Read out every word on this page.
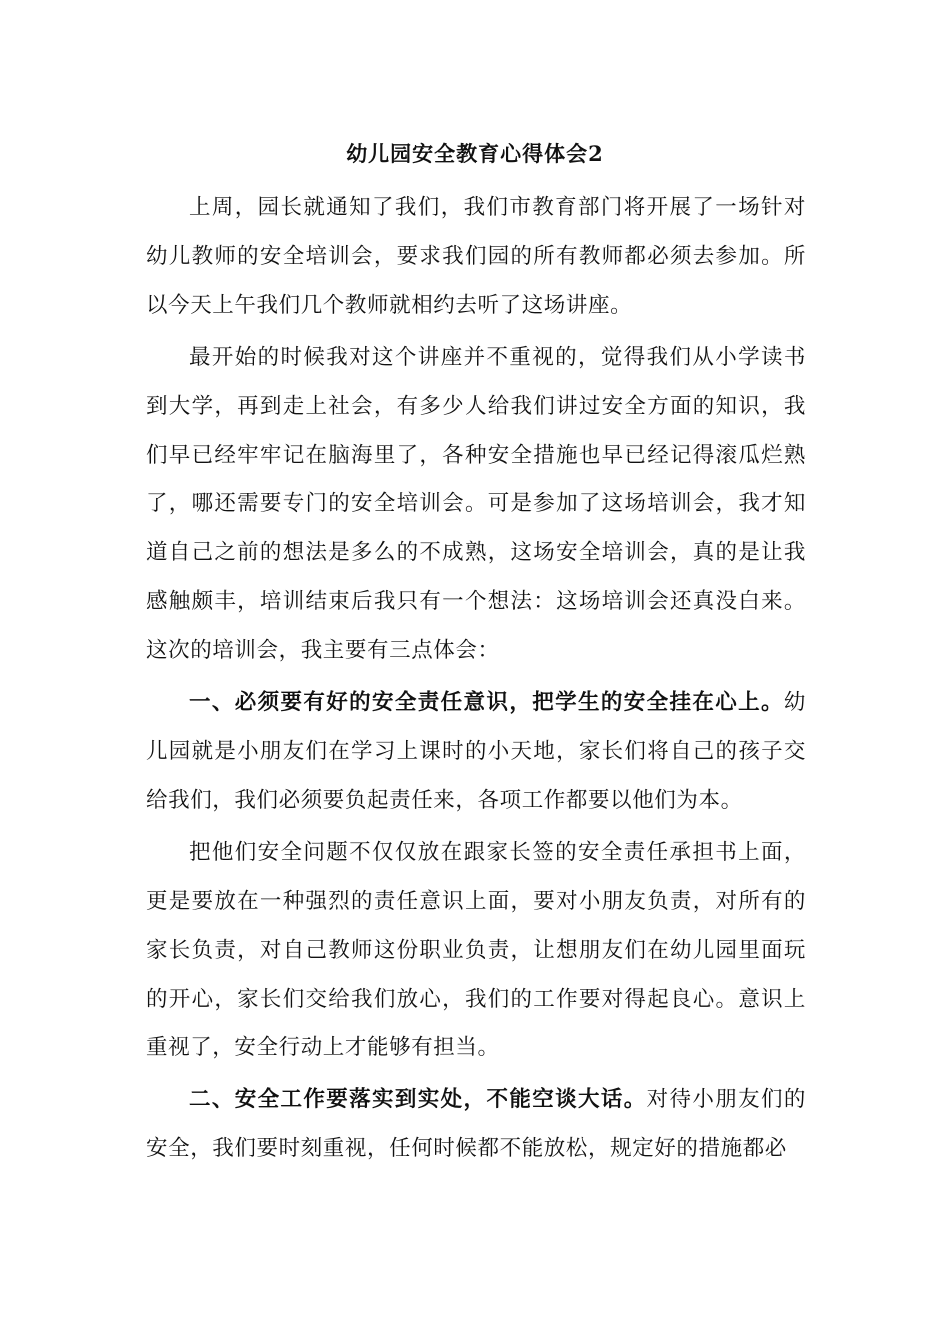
幼儿园安全教育心得体会2

上周，园长就通知了我们，我们市教育部门将开展了一场针对幼儿教师的安全培训会，要求我们园的所有教师都必须去参加。所以今天上午我们几个教师就相约去听了这场讲座。

最开始的时候我对这个讲座并不重视的，觉得我们从小学读书到大学，再到走上社会，有多少人给我们讲过安全方面的知识，我们早已经牢牢记在脑海里了，各种安全措施也早已经记得滚瓜烂熟了，哪还需要专门的安全培训会。可是参加了这场培训会，我才知道自己之前的想法是多么的不成熟，这场安全培训会，真的是让我感触颇丰，培训结束后我只有一个想法：这场培训会还真没白来。这次的培训会，我主要有三点体会：

一、必须要有好的安全责任意识，把学生的安全挂在心上。幼儿园就是小朋友们在学习上课时的小天地，家长们将自己的孩子交给我们，我们必须要负起责任来，各项工作都要以他们为本。

把他们安全问题不仅仅放在跟家长签的安全责任承担书上面，更是要放在一种强烈的责任意识上面，要对小朋友负责，对所有的家长负责，对自己教师这份职业负责，让想朋友们在幼儿园里面玩的开心，家长们交给我们放心，我们的工作要对得起良心。意识上重视了，安全行动上才能够有担当。

二、安全工作要落实到实处，不能空谈大话。对待小朋友们的安全，我们要时刻重视，任何时候都不能放松，规定好的措施都必
